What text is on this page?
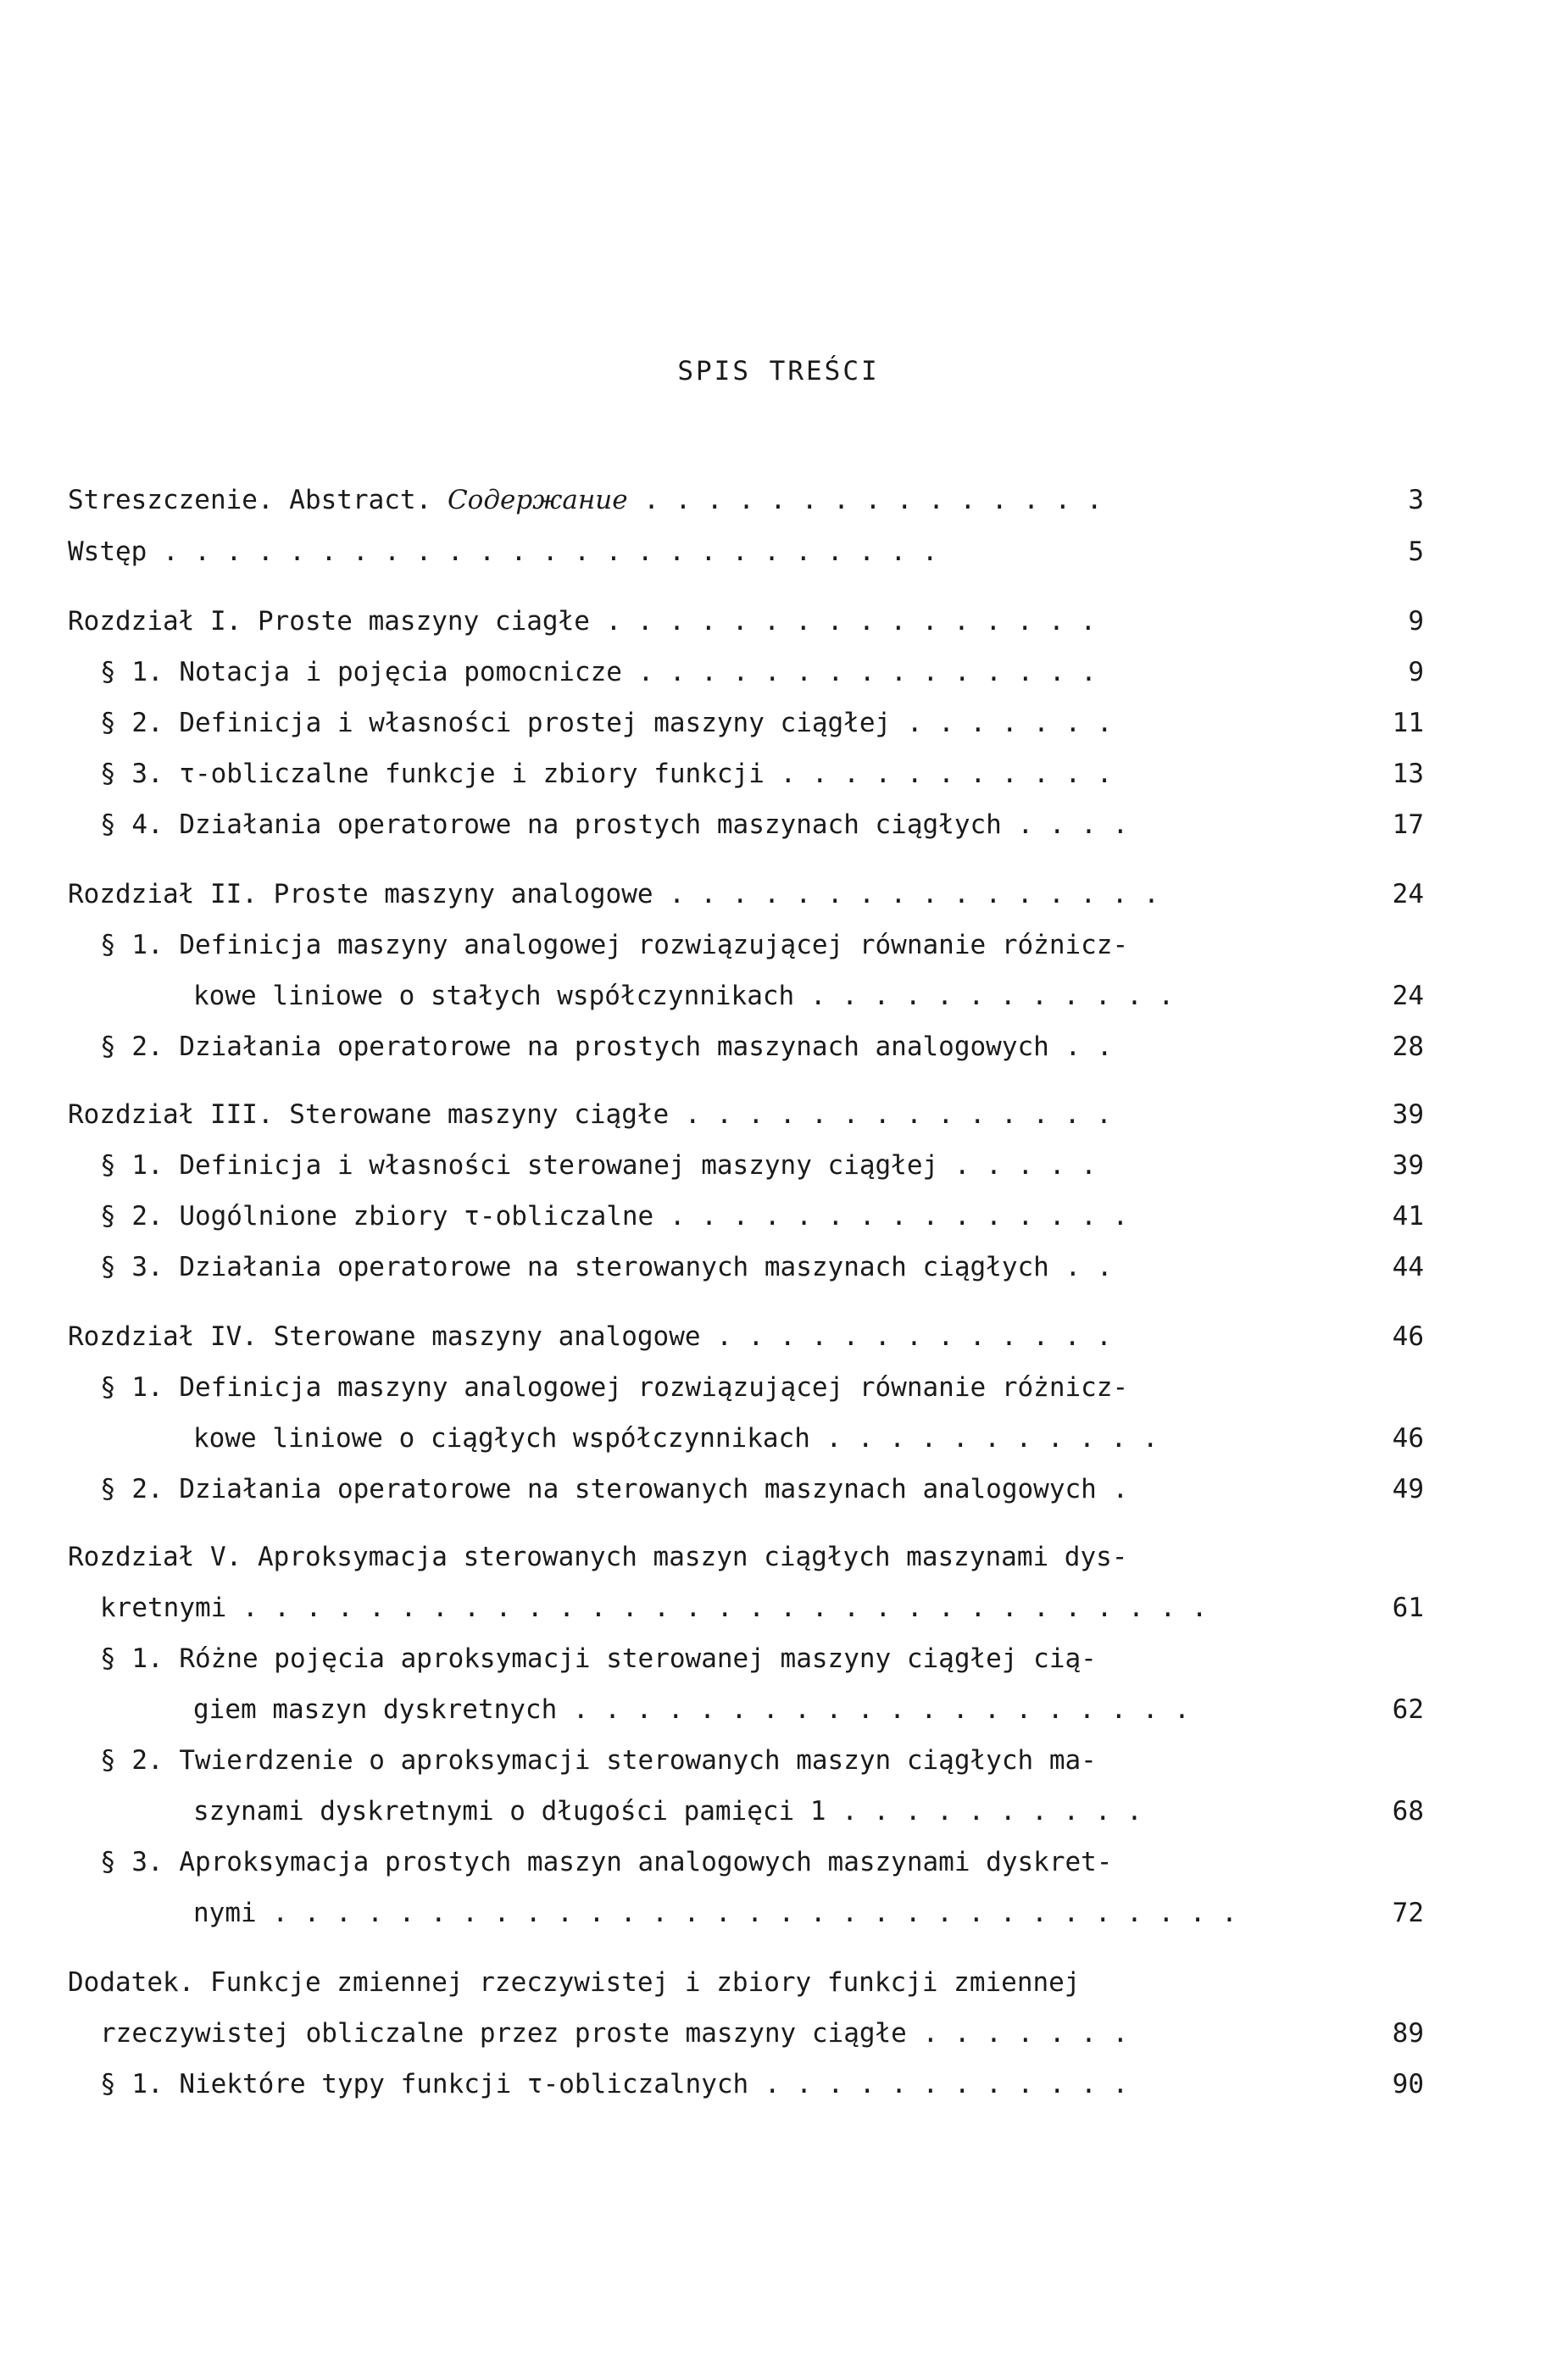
SPIS TREŚCI
Streszczenie. Abstract. Содержание . . . . . . . . . . . . . . .	3
Wstęp . . . . . . . . . . . . . . . . . . . . . . . . .	5
Rozdział I. Proste maszyny ciagłe . . . . . . . . . . . . . . . .	9
§ 1. Notacja i pojęcia pomocnicze . . . . . . . . . . . . . . .	9
§ 2. Definicja i własności prostej maszyny ciągłej . . . . . . .	11
§ 3. τ-obliczalne funkcje i zbiory funkcji . . . . . . . . . . .	13
§ 4. Działania operatorowe na prostych maszynach ciągłych . . . .	17
Rozdział II. Proste maszyny analogowe . . . . . . . . . . . . . . . .	24
§ 1. Definicja maszyny analogowej rozwiązującej równanie różnicz-
kowe liniowe o stałych współczynnikach . . . . . . . . . . . .	24
§ 2. Działania operatorowe na prostych maszynach analogowych . .	28
Rozdział III. Sterowane maszyny ciągłe . . . . . . . . . . . . . .	39
§ 1. Definicja i własności sterowanej maszyny ciągłej . . . . .	39
§ 2. Uogólnione zbiory τ-obliczalne . . . . . . . . . . . . . . .	41
§ 3. Działania operatorowe na sterowanych maszynach ciągłych . .	44
Rozdział IV. Sterowane maszyny analogowe . . . . . . . . . . . . .	46
§ 1. Definicja maszyny analogowej rozwiązującej równanie różnicz-
kowe liniowe o ciągłych współczynnikach . . . . . . . . . . .	46
§ 2. Działania operatorowe na sterowanych maszynach analogowych .	49
Rozdział V. Aproksymacja sterowanych maszyn ciągłych maszynami dys-
kretnymi . . . . . . . . . . . . . . . . . . . . . . . . . . . . . . .	61
§ 1. Różne pojęcia aproksymacji sterowanej maszyny ciągłej cią-
giem maszyn dyskretnych . . . . . . . . . . . . . . . . . . . .	62
§ 2. Twierdzenie o aproksymacji sterowanych maszyn ciągłych ma-
szynami dyskretnymi o długości pamięci 1 . . . . . . . . . .	68
§ 3. Aproksymacja prostych maszyn analogowych maszynami dyskret-
nymi . . . . . . . . . . . . . . . . . . . . . . . . . . . . . . .	72
Dodatek. Funkcje zmiennej rzeczywistej i zbiory funkcji zmiennej
rzeczywistej obliczalne przez proste maszyny ciągłe . . . . . . .	89
§ 1. Niektóre typy funkcji τ-obliczalnych . . . . . . . . . . . .	90
